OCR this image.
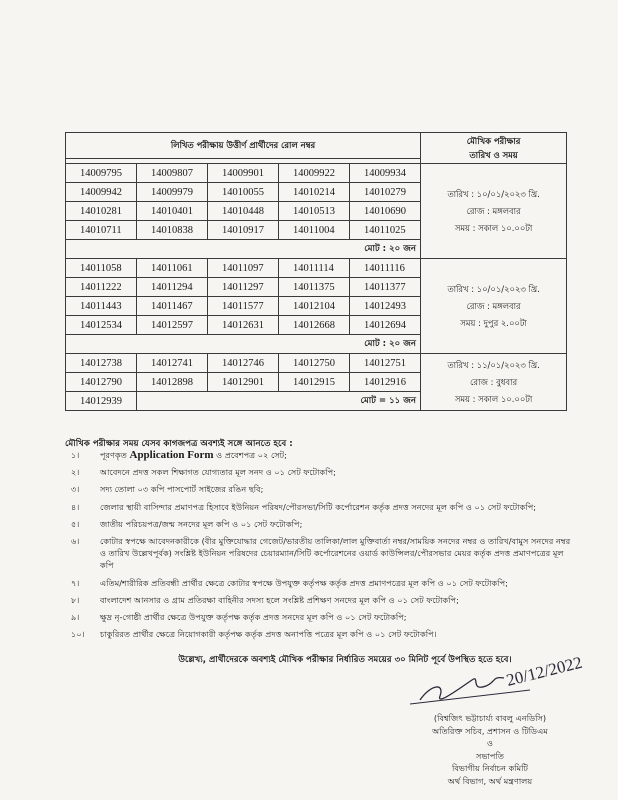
লিখিত পরীক্ষায় উত্তীর্ণ প্রার্থীদের রোল নম্বর					মৌখিক পরীক্ষার
তারিখ ও সময়

14009795	14009807	14009901	14009922	14009934	তারিখ : ১০/০১/২০২৩ খ্রি.
রোজ : মঙ্গলবার
সময় : সকাল ১০.০০টা

14009942	14009979	14010055	14010214	14010279	
14010281	14010401	14010448	14010513	14010690	
14010711	14010838	14010917	14011004	14011025	
মোট : ২০ জন					
14011058	14011061	14011097	14011114	14011116	তারিখ : ১০/০১/২০২৩ খ্রি.
রোজ : মঙ্গলবার
সময় : দুপুর ২.০০টা

14011222	14011294	14011297	14011375	14011377	
14011443	14011467	14011577	14012104	14012493	
14012534	14012597	14012631	14012668	14012694	
মোট : ২০ জন					
14012738	14012741	14012746	14012750	14012751	তারিখ : ১১/০১/২০২৩ খ্রি.
রোজ : বুধবার
সময় : সকাল ১০.০০টা

14012790	14012898	14012901	14012915	14012916	
14012939	মোট = ১১ জন				
মৌখিক পরীক্ষার সময় যেসব কাগজপত্র অবশ্যই সঙ্গে আনতে হবে :
১।	পূরণকৃত Application Form ও প্রবেশপত্র ০২ সেট;
২।	আবেদনে প্রদত্ত সকল শিক্ষাগত যোগ্যতার মূল সনদ ও ০১ সেট ফটোকপি;
৩।	সদ্য তোলা ০৩ কপি পাসপোর্ট সাইজের রঙিন ছবি;
৪।	জেলার স্থায়ী বাসিন্দার প্রমাণপত্র হিসাবে ইউনিয়ন পরিষদ/পৌরসভা/সিটি কর্পোরেশন কর্তৃক প্রদত্ত সনদের মূল কপি ও ০১ সেট ফটোকপি;
৫।	জাতীয় পরিচয়পত্র/জন্ম সনদের মূল কপি ও ০১ সেট ফটোকপি;
৬।	কোটার স্বপক্ষে আবেদনকারীকে (বীর মুক্তিযোদ্ধার গেজেট/ভারতীয় তালিকা/লাল মুক্তিবার্তা নম্বর/সাময়িক সনদের নম্বর ও তারিখ/বামুস সনদের নম্বর ও তারিখ উল্লেখপূর্বক) সংশ্লিষ্ট ইউনিয়ন পরিষদের চেয়ারম্যান/সিটি কর্পোরেশনের ওয়ার্ড কাউন্সিলর/পৌরসভার মেয়র কর্তৃক প্রদত্ত প্রমাণপত্রের মূল কপি
৭।	এতিম/শারীরিক প্রতিবন্ধী প্রার্থীর ক্ষেত্রে কোটার স্বপক্ষে উপযুক্ত কর্তৃপক্ষ কর্তৃক প্রদত্ত প্রমাণপত্রের মূল কপি ও ০১ সেট ফটোকপি;
৮।	বাংলাদেশ আনসার ও গ্রাম প্রতিরক্ষা বাহিনীর সদস্য হলে সংশ্লিষ্ট প্রশিক্ষণ সনদের মূল কপি ও ০১ সেট ফটোকপি;
৯।	ক্ষুদ্র নৃ-গোষ্ঠী প্রার্থীর ক্ষেত্রে উপযুক্ত কর্তৃপক্ষ কর্তৃক প্রদত্ত সনদের মূল কপি ও ০১ সেট ফটোকপি;
১০। চাকুরিরত প্রার্থীর ক্ষেত্রে নিয়োগকারী কর্তৃপক্ষ কর্তৃক প্রদত্ত অনাপত্তি পত্রের মূল কপি ও ০১ সেট ফটোকপি।
উল্লেখ্য, প্রার্থীদেরকে অবশ্যই মৌখিক পরীক্ষার নির্ধারিত সময়ের ৩০ মিনিট পূর্বে উপস্থিত হতে হবে।
20/12/2022
(বিশ্বজিৎ ভট্টাচার্য্য বাবলু এনডিসি)
অতিরিক্ত সচিব, প্রশাসন ও টিডিএম
ও
সভাপতি
বিভাগীয় নির্বাচন কমিটি
অর্থ বিভাগ, অর্থ মন্ত্রণালয়
